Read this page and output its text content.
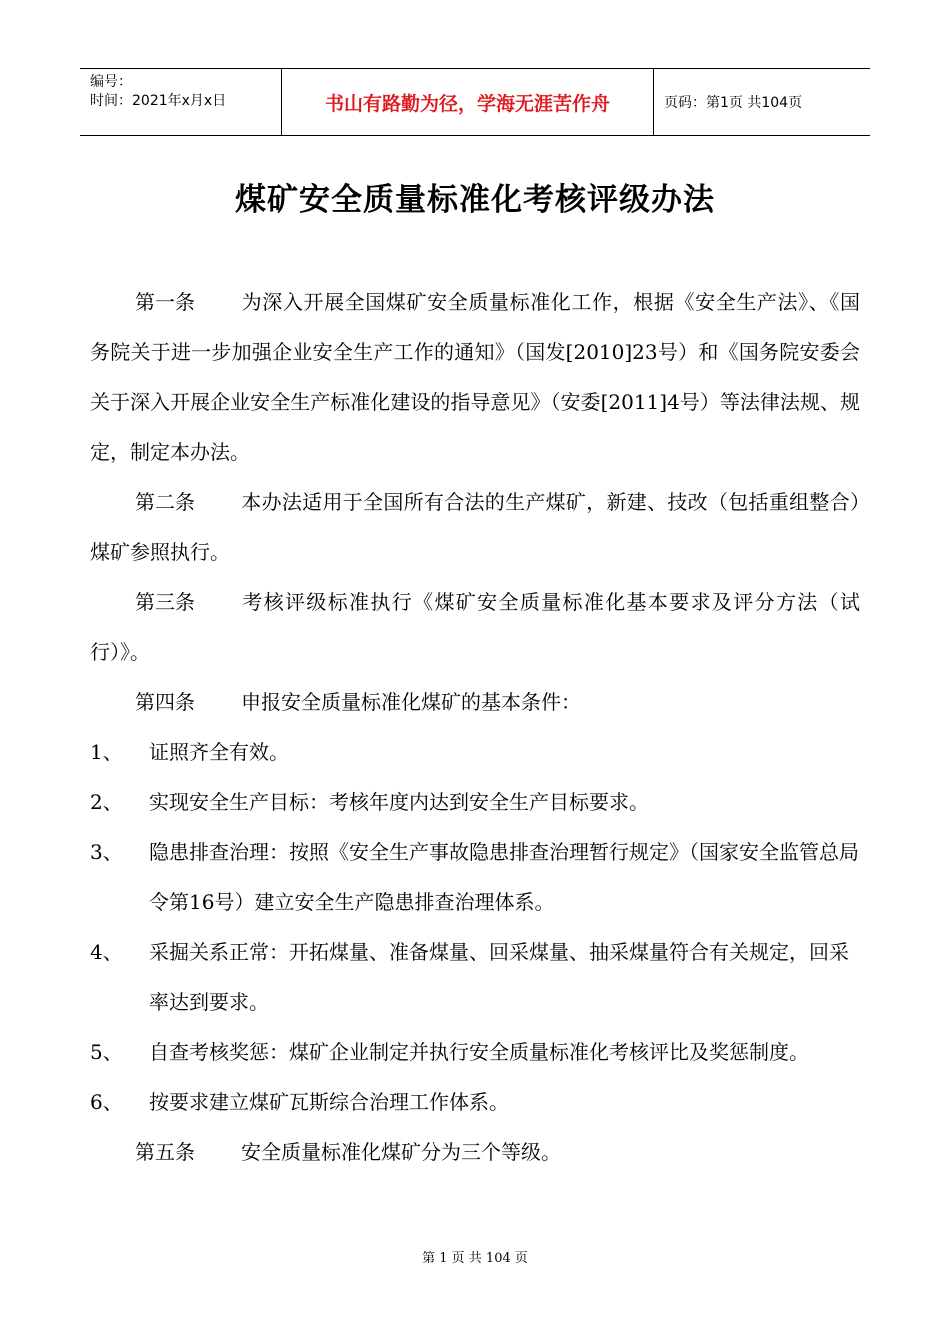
编号：
时间：2021年x月x日	书山有路勤为径，学海无涯苦作舟	页码：第1页 共104页
煤矿安全质量标准化考核评级办法

第一条 为深入开展全国煤矿安全质量标准化工作，根据《安全生产法》、《国务院关于进一步加强企业安全生产工作的通知》（国发[2010]23号）和《国务院安委会关于深入开展企业安全生产标准化建设的指导意见》（安委[2011]4号）等法律法规、规定，制定本办法。

第二条 本办法适用于全国所有合法的生产煤矿，新建、技改（包括重组整合）煤矿参照执行。

第三条 考核评级标准执行《煤矿安全质量标准化基本要求及评分方法（试行）》。

第四条 申报安全质量标准化煤矿的基本条件：

1、 证照齐全有效。

2、 实现安全生产目标：考核年度内达到安全生产目标要求。

3、 隐患排查治理：按照《安全生产事故隐患排查治理暂行规定》（国家安全监管总局令第16号）建立安全生产隐患排查治理体系。

4、 采掘关系正常：开拓煤量、准备煤量、回采煤量、抽采煤量符合有关规定，回采率达到要求。

5、 自查考核奖惩：煤矿企业制定并执行安全质量标准化考核评比及奖惩制度。

6、 按要求建立煤矿瓦斯综合治理工作体系。

第五条 安全质量标准化煤矿分为三个等级。

第 1 页 共 104 页
